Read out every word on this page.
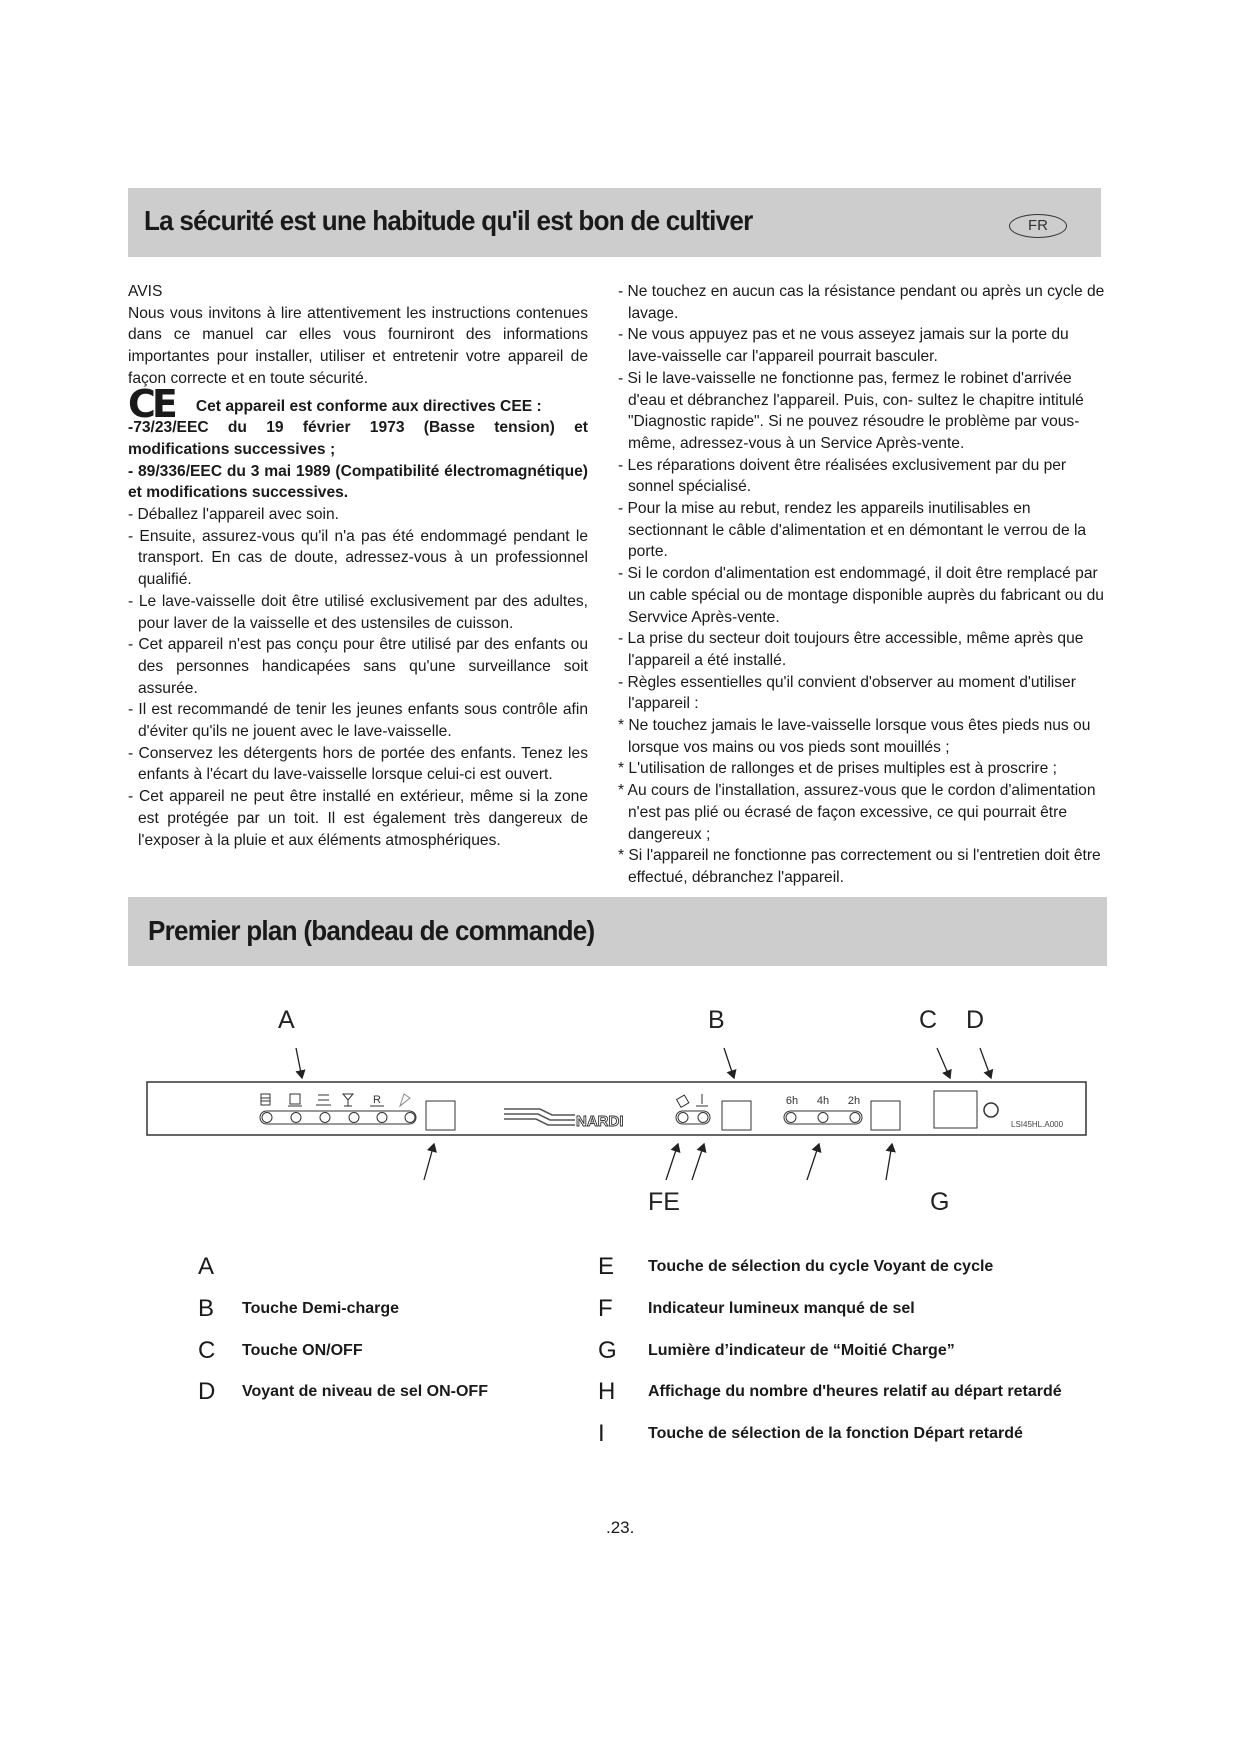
La sécurité est une habitude qu'il est bon de cultiver	FR

AVIS

Nous vous invitons à lire attentivement les instructions contenues dans ce manuel car elles vous fourniront des informations importantes pour installer, utiliser et entretenir votre appareil de façon correcte et en toute sécurité.

CE Cet appareil est conforme aux directives CEE :

-73/23/EEC du 19 février 1973 (Basse tension) et modifications successives ;

- 89/336/EEC du 3 mai 1989 (Compatibilité électromagnétique) et modifications successives.

- Déballez l'appareil avec soin.

- Ensuite, assurez-vous qu'il n'a pas été endommagé pendant le transport. En cas de doute, adressez-vous à un professionnel qualifié.

- Le lave-vaisselle doit être utilisé exclusivement par des adultes, pour laver de la vaisselle et des ustensiles de cuisson.

- Cet appareil n'est pas conçu pour être utilisé par des enfants ou des personnes handicapées sans qu'une surveillance soit assurée.

- Il est recommandé de tenir les jeunes enfants sous contrôle afin d'éviter qu'ils ne jouent avec le lave-vaisselle.

- Conservez les détergents hors de portée des enfants. Tenez les enfants à l'écart du lave-vaisselle lorsque celui-ci est ouvert.

- Cet appareil ne peut être installé en extérieur, même si la zone est protégée par un toit. Il est également très dangereux de l'exposer à la pluie et aux éléments atmosphériques.

- Ne touchez en aucun cas la résistance pendant ou après un cycle de lavage.

- Ne vous appuyez pas et ne vous asseyez jamais sur la porte du lave-vaisselle car l'appareil pourrait basculer.

- Si le lave-vaisselle ne fonctionne pas, fermez le robinet d'arrivée d'eau et débranchez l'appareil. Puis, con- sultez le chapitre intitulé "Diagnostic rapide". Si ne pouvez résoudre le problème par vous-même, adressez-vous à un Service Après-vente.

- Les réparations doivent être réalisées exclusivement par du per sonnel spécialisé.

- Pour la mise au rebut, rendez les appareils inutilisables en sectionnant le câble d'alimentation et en démontant le verrou de la porte.

- Si le cordon d'alimentation est endommagé, il doit être remplacé par un cable spécial ou de montage disponible auprès du fabricant ou du Servvice Après-vente.

- La prise du secteur doit toujours être accessible, même après que l'appareil a été installé.

- Règles essentielles qu'il convient d'observer au moment d'utiliser l'appareil :

* Ne touchez jamais le lave-vaisselle lorsque vous êtes pieds nus ou lorsque vos mains ou vos pieds sont mouillés ;

* L'utilisation de rallonges et de prises multiples est à proscrire ;

* Au cours de l'installation, assurez-vous que le cordon d'alimentation n'est pas plié ou écrasé de façon excessive, ce qui pourrait être dangereux ;

* Si l'appareil ne fonctionne pas correctement ou si l'entretien doit être effectué, débranchez l'appareil.

Premier plan (bandeau de commande)
A	B	C D
FE	G
R
NARDI
6h 4h 2h
LSI45HL.A000
A
B Touche Demi-charge
C Touche ON/OFF
D Voyant de niveau de sel ON-OFF
E Touche de sélection du cycle Voyant de cycle
F Indicateur lumineux manqué de sel
G Lumière d’indicateur de “Moitié Charge”
H Affichage du nombre d'heures relatif au départ retardé
I	Touche de sélection de la fonction Départ retardé
.23.
